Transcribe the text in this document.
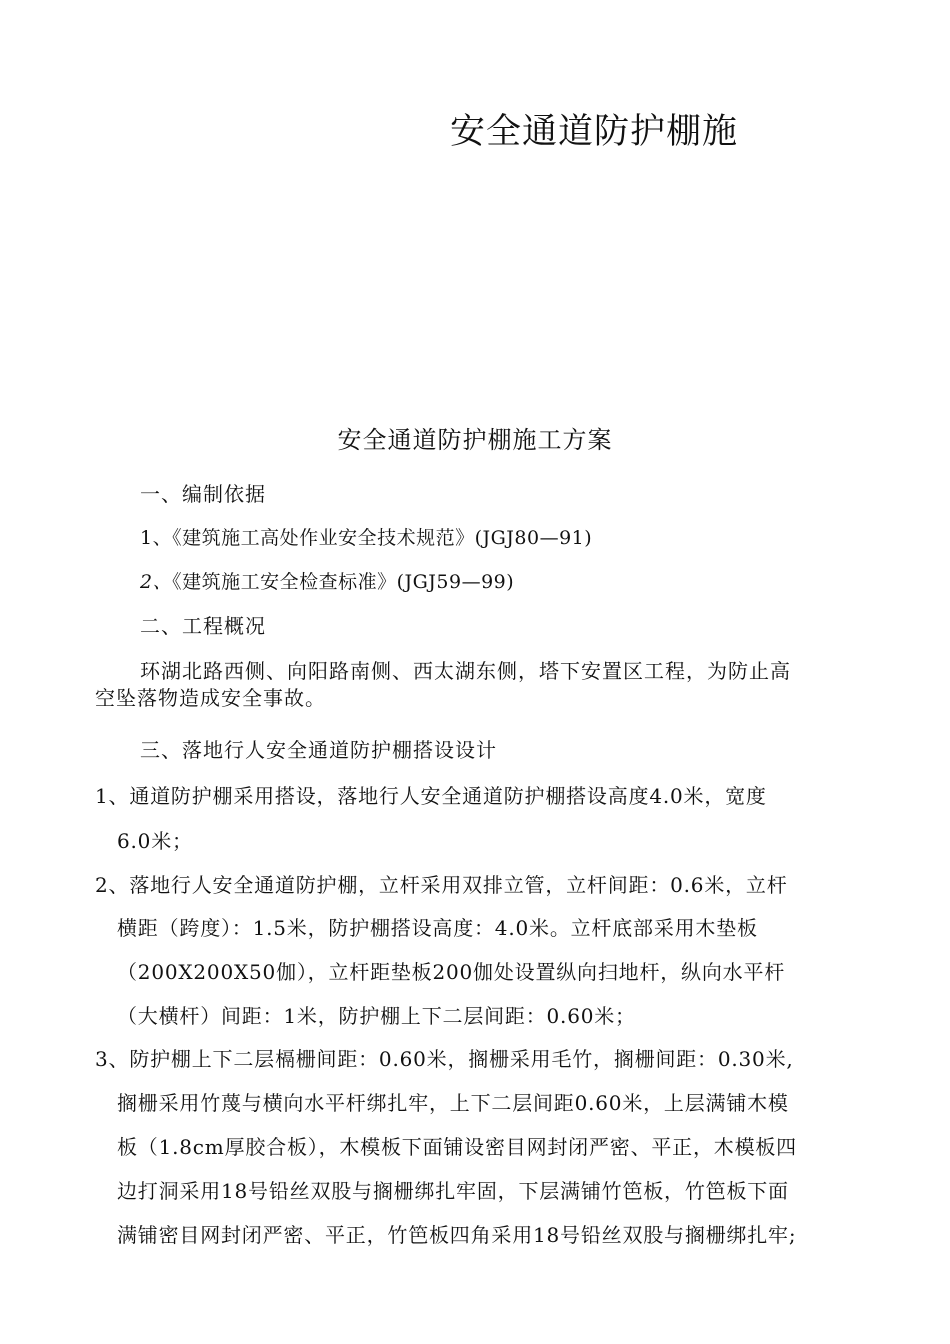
安全通道防护棚施
安全通道防护棚施工方案
一、编制依据
1、《建筑施工高处作业安全技术规范》(JGJ80—91)
2、《建筑施工安全检查标准》(JGJ59—99)
二、工程概况
环湖北路西侧、向阳路南侧、西太湖东侧，塔下安置区工程，为防止高
空坠落物造成安全事故。
三、落地行人安全通道防护棚搭设设计
1、通道防护棚采用搭设，落地行人安全通道防护棚搭设高度4.0米，宽度
6.0米；
2、落地行人安全通道防护棚，立杆采用双排立管，立杆间距：0.6米，立杆
横距（跨度）：1.5米，防护棚搭设高度：4.0米。立杆底部采用木垫板
（200X200X50伽），立杆距垫板200伽处设置纵向扫地杆，纵向水平杆
（大横杆）间距：1米，防护棚上下二层间距：0.60米；
3、防护棚上下二层槅栅间距：0.60米，搁栅采用毛竹，搁栅间距：0.30米,
搁栅采用竹蔑与横向水平杆绑扎牢，上下二层间距0.60米，上层满铺木模
板（1.8cm厚胶合板），木模板下面铺设密目网封闭严密、平正，木模板四
边打洞采用18号铅丝双股与搁栅绑扎牢固，下层满铺竹笆板，竹笆板下面
满铺密目网封闭严密、平正，竹笆板四角采用18号铅丝双股与搁栅绑扎牢;
